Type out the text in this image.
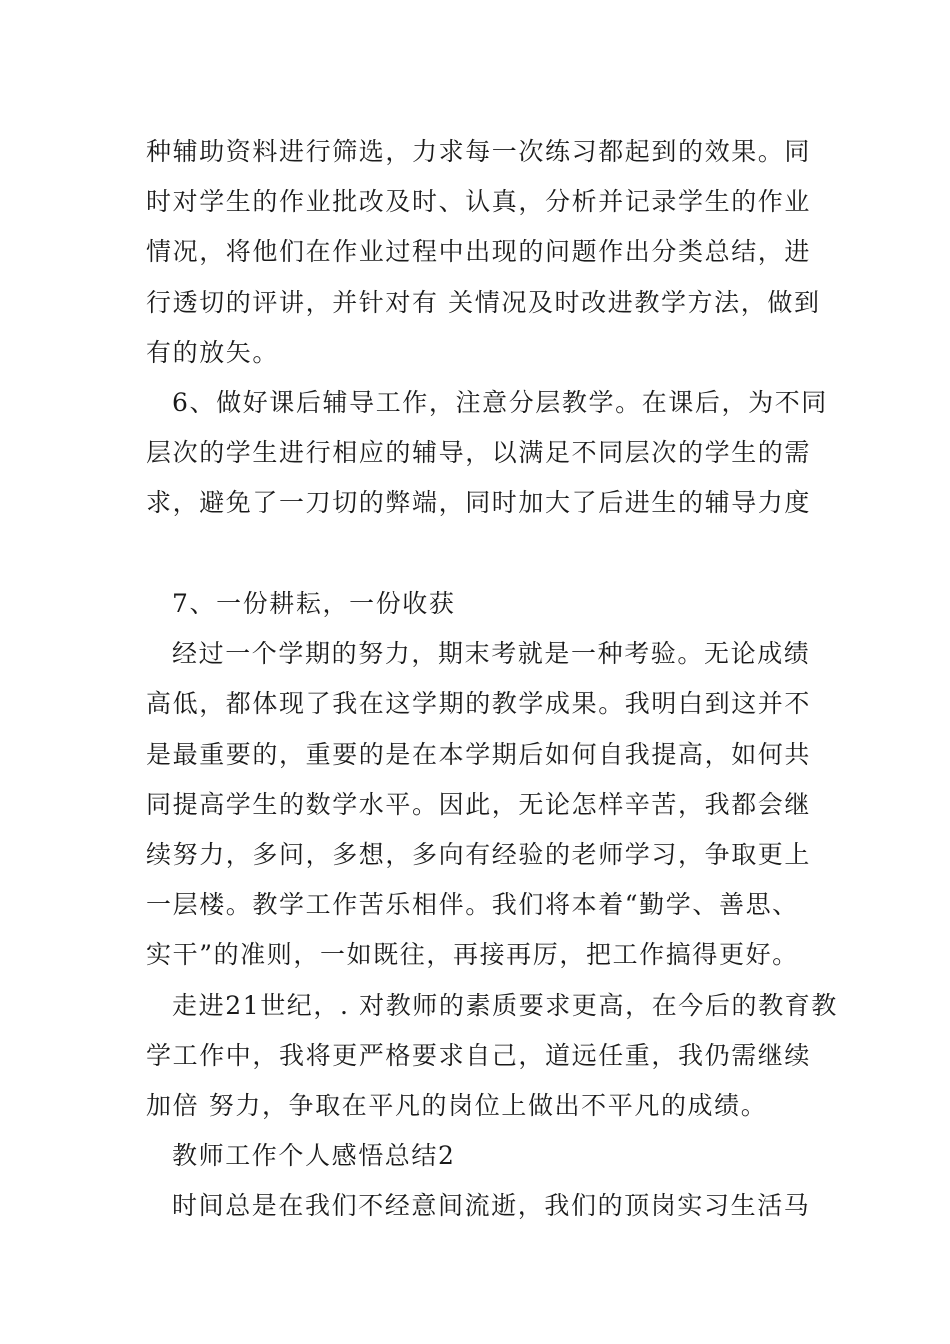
种辅助资料进行筛选，力求每一次练习都起到的效果。同
时对学生的作业批改及时、认真，分析并记录学生的作业
情况，将他们在作业过程中出现的问题作出分类总结，进
行透切的评讲，并针对有 关情况及时改进教学方法，做到
有的放矢。
6、做好课后辅导工作，注意分层教学。在课后，为不同
层次的学生进行相应的辅导，以满足不同层次的学生的需
求，避免了一刀切的弊端，同时加大了后进生的辅导力度
7、一份耕耘，一份收获
经过一个学期的努力，期末考就是一种考验。无论成绩
高低，都体现了我在这学期的教学成果。我明白到这并不
是最重要的，重要的是在本学期后如何自我提高，如何共
同提高学生的数学水平。因此，无论怎样辛苦，我都会继
续努力，多问，多想，多向有经验的老师学习，争取更上
一层楼。教学工作苦乐相伴。我们将本着“勤学、善思、
实干”的准则，一如既往，再接再厉，把工作搞得更好。
走进21世纪，. 对教师的素质要求更高，在今后的教育教
学工作中，我将更严格要求自己，道远任重，我仍需继续
加倍 努力，争取在平凡的岗位上做出不平凡的成绩。
教师工作个人感悟总结2
时间总是在我们不经意间流逝，我们的顶岗实习生活马
